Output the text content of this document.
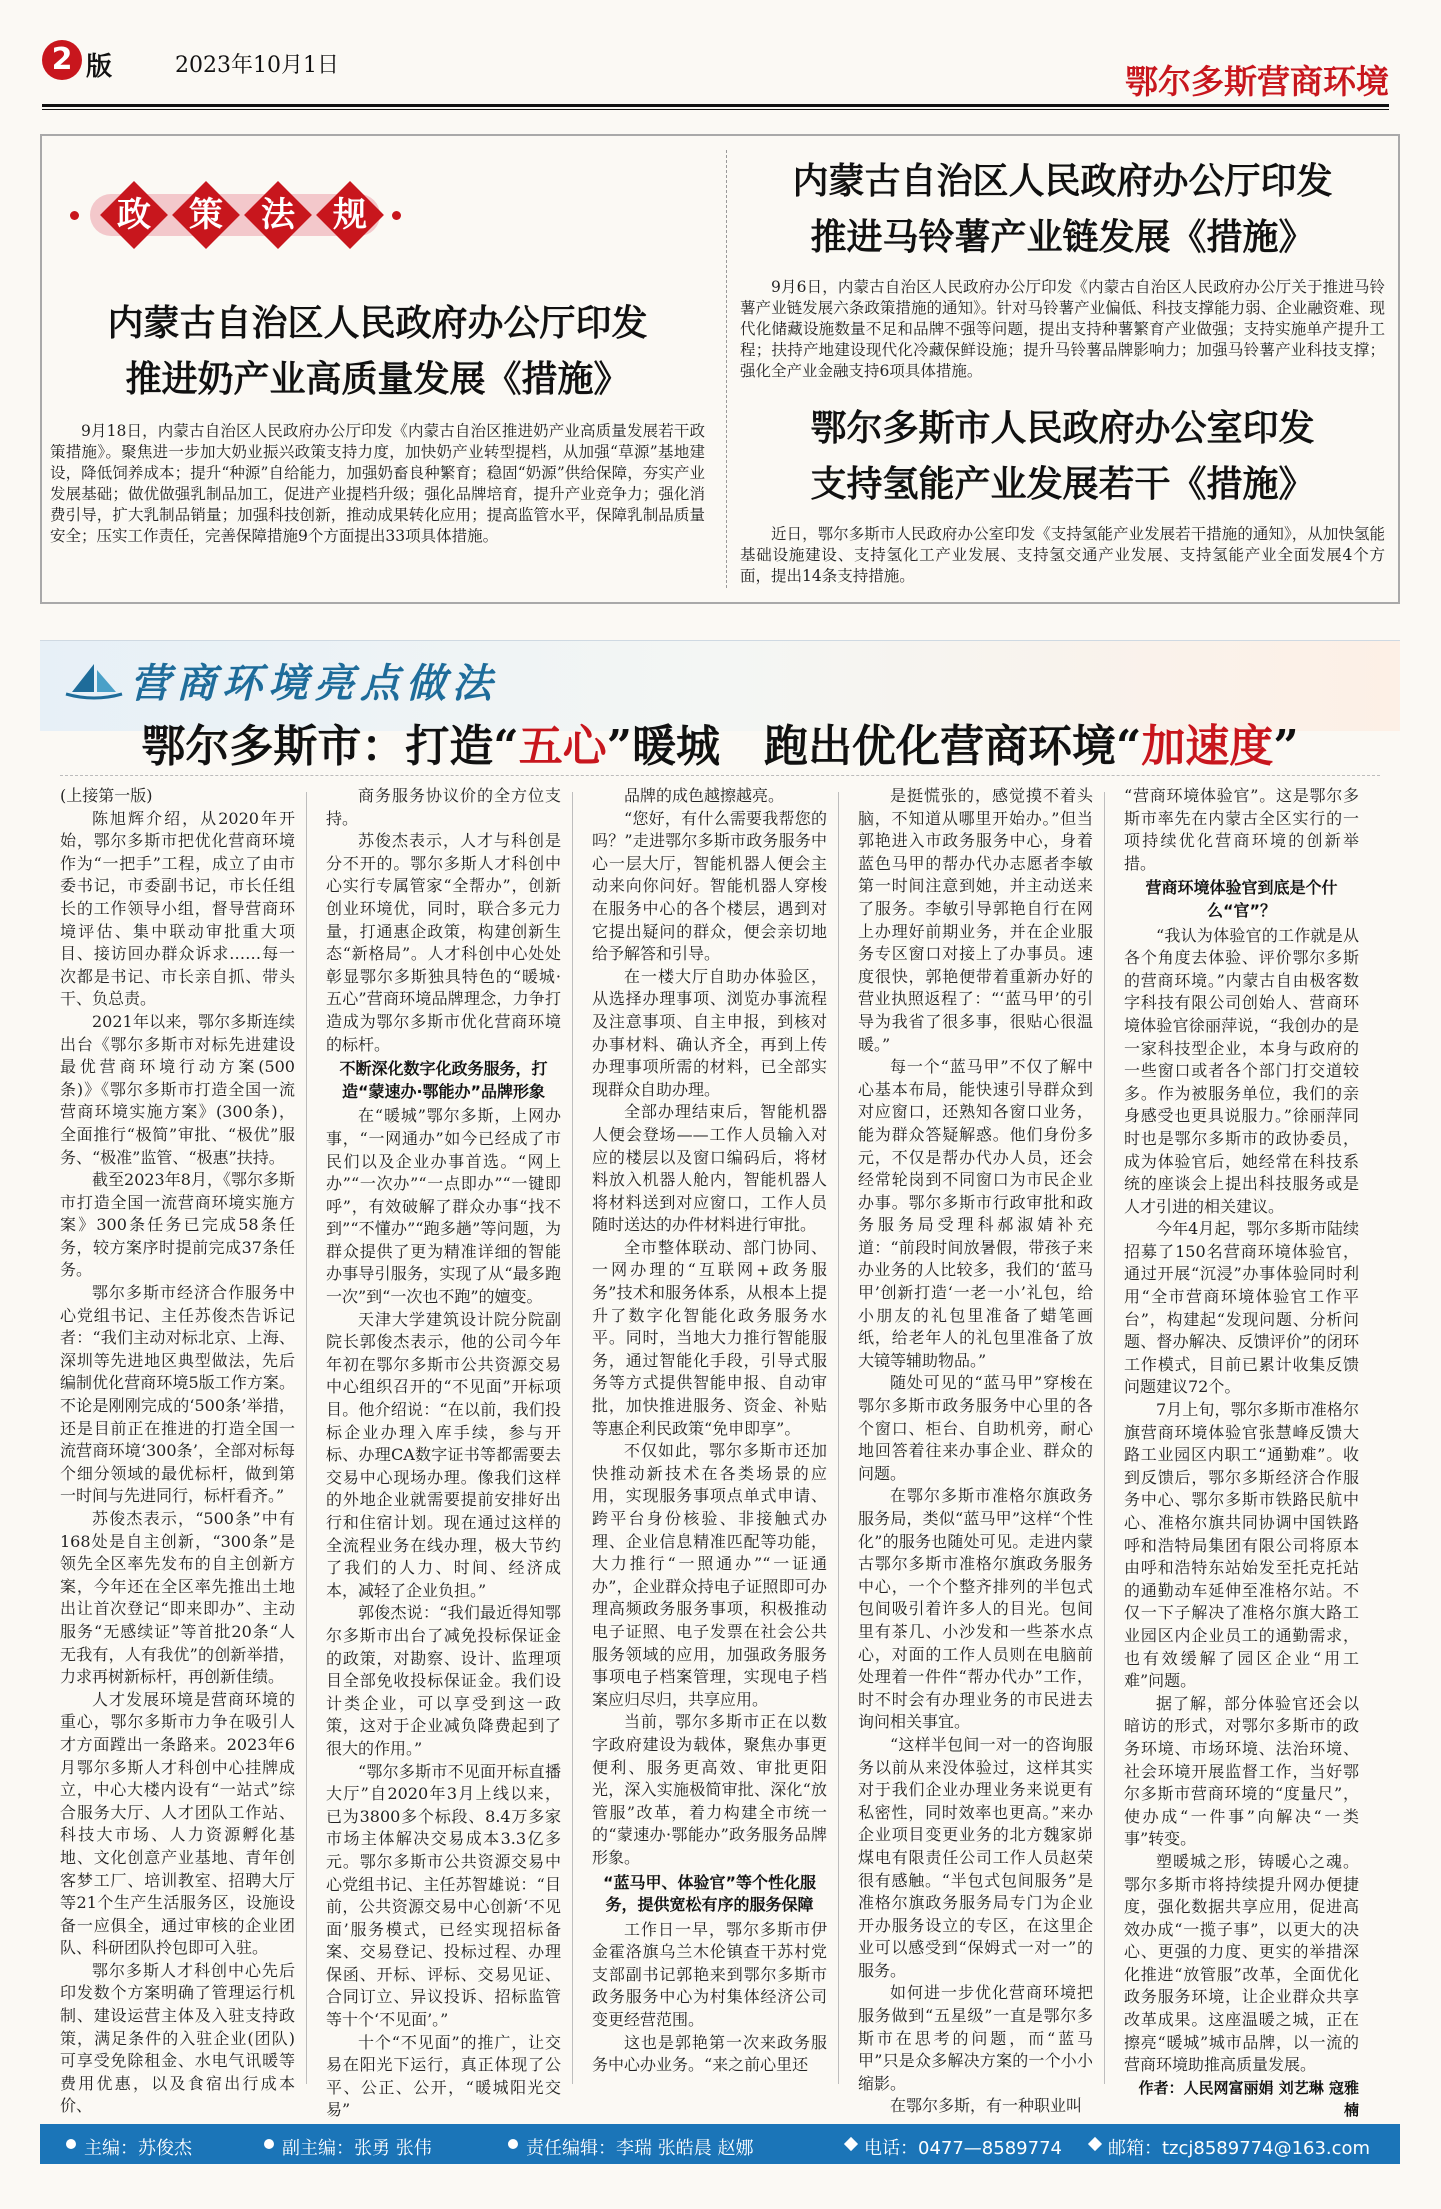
2 版	2023年10月1日	鄂尔多斯营商环境
政	策	法	规
内蒙古自治区人民政府办公厅印发
推进奶产业高质量发展《措施》

9月18日，内蒙古自治区人民政府办公厅印发《内蒙古自治区推进奶产业高质量发展若干政策措施》。聚焦进一步加大奶业振兴政策支持力度，加快奶产业转型提档，从加强“草源”基地建设，降低饲养成本；提升“种源”自给能力，加强奶畜良种繁育；稳固“奶源”供给保障，夯实产业发展基础；做优做强乳制品加工，促进产业提档升级；强化品牌培育，提升产业竞争力；强化消费引导，扩大乳制品销量；加强科技创新，推动成果转化应用；提高监管水平，保障乳制品质量安全；压实工作责任，完善保障措施9个方面提出33项具体措施。

内蒙古自治区人民政府办公厅印发
推进马铃薯产业链发展《措施》

9月6日，内蒙古自治区人民政府办公厅印发《内蒙古自治区人民政府办公厅关于推进马铃薯产业链发展六条政策措施的通知》。针对马铃薯产业偏低、科技支撑能力弱、企业融资难、现代化储藏设施数量不足和品牌不强等问题，提出支持种薯繁育产业做强；支持实施单产提升工程；扶持产地建设现代化冷藏保鲜设施；提升马铃薯品牌影响力；加强马铃薯产业科技支撑；强化全产业金融支持6项具体措施。

鄂尔多斯市人民政府办公室印发
支持氢能产业发展若干《措施》

近日，鄂尔多斯市人民政府办公室印发《支持氢能产业发展若干措施的通知》，从加快氢能基础设施建设、支持氢化工产业发展、支持氢交通产业发展、支持氢能产业全面发展4个方面，提出14条支持措施。

营商环境亮点做法
鄂尔多斯市：打造“五心”暖城　跑出优化营商环境“加速度”

(上接第一版)

陈旭辉介绍，从2020年开始，鄂尔多斯市把优化营商环境作为“一把手”工程，成立了由市委书记，市委副书记，市长任组长的工作领导小组，督导营商环境评估、集中联动审批重大项目、接访回办群众诉求……每一次都是书记、市长亲自抓、带头干、负总责。

2021年以来，鄂尔多斯连续出台《鄂尔多斯市对标先进建设最优营商环境行动方案(500条)》《鄂尔多斯市打造全国一流营商环境实施方案》(300条)，全面推行“极简”审批、“极优”服务、“极准”监管、“极惠”扶持。

截至2023年8月，《鄂尔多斯市打造全国一流营商环境实施方案》300条任务已完成58条任务，较方案序时提前完成37条任务。

鄂尔多斯市经济合作服务中心党组书记、主任苏俊杰告诉记者：“我们主动对标北京、上海、深圳等先进地区典型做法，先后编制优化营商环境5版工作方案。不论是刚刚完成的‘500条’举措，还是目前正在推进的打造全国一流营商环境‘300条’，全部对标每个细分领域的最优标杆，做到第一时间与先进同行，标杆看齐。”

苏俊杰表示，“500条”中有168处是自主创新，“300条”是领先全区率先发布的自主创新方案，今年还在全区率先推出土地出让首次登记“即来即办”、主动服务“无感续证”等首批20条“人无我有，人有我优”的创新举措，力求再树新标杆，再创新佳绩。

人才发展环境是营商环境的重心，鄂尔多斯市力争在吸引人才方面蹚出一条路来。2023年6月鄂尔多斯人才科创中心挂牌成立，中心大楼内设有“一站式”综合服务大厅、人才团队工作站、科技大市场、人力资源孵化基地、文化创意产业基地、青年创客梦工厂、培训教室、招聘大厅等21个生产生活服务区，设施设备一应俱全，通过审核的企业团队、科研团队拎包即可入驻。

鄂尔多斯人才科创中心先后印发数个方案明确了管理运行机制、建设运营主体及入驻支持政策，满足条件的入驻企业(团队)可享受免除租金、水电气讯暖等费用优惠，以及食宿出行成本价、

商务服务协议价的全方位支持。

苏俊杰表示，人才与科创是分不开的。鄂尔多斯人才科创中心实行专属管家“全帮办”，创新创业环境优，同时，联合多元力量，打通惠企政策，构建创新生态“新格局”。人才科创中心处处彰显鄂尔多斯独具特色的“暖城·五心”营商环境品牌理念，力争打造成为鄂尔多斯市优化营商环境的标杆。

不断深化数字化政务服务，打造“蒙速办·鄂能办”品牌形象

在“暖城”鄂尔多斯，上网办事，“一网通办”如今已经成了市民们以及企业办事首选。“网上办”“一次办”“一点即办”“一键即呼”，有效破解了群众办事“找不到”“不懂办”“跑多趟”等问题，为群众提供了更为精准详细的智能办事导引服务，实现了从“最多跑一次”到“一次也不跑”的嬗变。

天津大学建筑设计院分院副院长郭俊杰表示，他的公司今年年初在鄂尔多斯市公共资源交易中心组织召开的“不见面”开标项目。他介绍说：“在以前，我们投标企业办理入库手续，参与开标、办理CA数字证书等都需要去交易中心现场办理。像我们这样的外地企业就需要提前安排好出行和住宿计划。现在通过这样的全流程业务在线办理，极大节约了我们的人力、时间、经济成本，减轻了企业负担。”

郭俊杰说：“我们最近得知鄂尔多斯市出台了减免投标保证金的政策，对勘察、设计、监理项目全部免收投标保证金。我们设计类企业，可以享受到这一政策，这对于企业减负降费起到了很大的作用。”

“鄂尔多斯市不见面开标直播大厅”自2020年3月上线以来，已为3800多个标段、8.4万多家市场主体解决交易成本3.3亿多元。鄂尔多斯市公共资源交易中心党组书记、主任苏智雄说：“目前，公共资源交易中心创新‘不见面’服务模式，已经实现招标备案、交易登记、投标过程、办理保函、开标、评标、交易见证、合同订立、异议投诉、招标监管等十个‘不见面’。”

十个“不见面”的推广，让交易在阳光下运行，真正体现了公平、公正、公开，“暖城阳光交易”

品牌的成色越擦越亮。

“您好，有什么需要我帮您的吗？”走进鄂尔多斯市政务服务中心一层大厅，智能机器人便会主动来向你问好。智能机器人穿梭在服务中心的各个楼层，遇到对它提出疑问的群众，便会亲切地给予解答和引导。

在一楼大厅自助办体验区，从选择办理事项、浏览办事流程及注意事项、自主申报，到核对办事材料、确认齐全，再到上传办理事项所需的材料，已全部实现群众自助办理。

全部办理结束后，智能机器人便会登场——工作人员输入对应的楼层以及窗口编码后，将材料放入机器人舱内，智能机器人将材料送到对应窗口，工作人员随时送达的办件材料进行审批。

全市整体联动、部门协同、一网办理的“互联网+政务服务”技术和服务体系，从根本上提升了数字化智能化政务服务水平。同时，当地大力推行智能服务，通过智能化手段，引导式服务等方式提供智能申报、自动审批，加快推进服务、资金、补贴等惠企利民政策“免申即享”。

不仅如此，鄂尔多斯市还加快推动新技术在各类场景的应用，实现服务事项点单式申请、跨平台身份核验、非接触式办理、企业信息精准匹配等功能，大力推行“一照通办”“一证通办”，企业群众持电子证照即可办理高频政务服务事项，积极推动电子证照、电子发票在社会公共服务领域的应用，加强政务服务事项电子档案管理，实现电子档案应归尽归，共享应用。

当前，鄂尔多斯市正在以数字政府建设为载体，聚焦办事更便利、服务更高效、审批更阳光，深入实施极简审批、深化“放管服”改革，着力构建全市统一的“蒙速办·鄂能办”政务服务品牌形象。

“蓝马甲、体验官”等个性化服务，提供宽松有序的服务保障

工作日一早，鄂尔多斯市伊金霍洛旗乌兰木伦镇查干苏村党支部副书记郭艳来到鄂尔多斯市政务服务中心为村集体经济公司变更经营范围。

这也是郭艳第一次来政务服务中心办业务。“来之前心里还

是挺慌张的，感觉摸不着头脑，不知道从哪里开始办。”但当郭艳进入市政务服务中心，身着蓝色马甲的帮办代办志愿者李敏第一时间注意到她，并主动送来了服务。李敏引导郭艳自行在网上办理好前期业务，并在企业服务专区窗口对接上了办事员。速度很快，郭艳便带着重新办好的营业执照返程了：“‘蓝马甲’的引导为我省了很多事，很贴心很温暖。”

每一个“蓝马甲”不仅了解中心基本布局，能快速引导群众到对应窗口，还熟知各窗口业务，能为群众答疑解惑。他们身份多元，不仅是帮办代办人员，还会经常轮岗到不同窗口为市民企业办事。鄂尔多斯市行政审批和政务服务局受理科郝淑婧补充道：“前段时间放暑假，带孩子来办业务的人比较多，我们的‘蓝马甲’创新打造‘一老一小’礼包，给小朋友的礼包里准备了蜡笔画纸，给老年人的礼包里准备了放大镜等辅助物品。”

随处可见的“蓝马甲”穿梭在鄂尔多斯市政务服务中心里的各个窗口、柜台、自助机旁，耐心地回答着往来办事企业、群众的问题。

在鄂尔多斯市准格尔旗政务服务局，类似“蓝马甲”这样“个性化”的服务也随处可见。走进内蒙古鄂尔多斯市准格尔旗政务服务中心，一个个整齐排列的半包式包间吸引着许多人的目光。包间里有茶几、小沙发和一些茶水点心，对面的工作人员则在电脑前处理着一件件“帮办代办”工作，时不时会有办理业务的市民进去询问相关事宜。

“这样半包间一对一的咨询服务以前从来没体验过，这样其实对于我们企业办理业务来说更有私密性，同时效率也更高。”来办企业项目变更业务的北方魏家峁煤电有限责任公司工作人员赵荣很有感触。“半包式包间服务”是准格尔旗政务服务局专门为企业开办服务设立的专区，在这里企业可以感受到“保姆式一对一”的服务。

如何进一步优化营商环境把服务做到“五星级”一直是鄂尔多斯市在思考的问题，而“蓝马甲”只是众多解决方案的一个小小缩影。

在鄂尔多斯，有一种职业叫

“营商环境体验官”。这是鄂尔多斯市率先在内蒙古全区实行的一项持续优化营商环境的创新举措。

营商环境体验官到底是个什么“官”？

“我认为体验官的工作就是从各个角度去体验、评价鄂尔多斯的营商环境。”内蒙古自由极客数字科技有限公司创始人、营商环境体验官徐丽萍说，“我创办的是一家科技型企业，本身与政府的一些窗口或者各个部门打交道较多。作为被服务单位，我们的亲身感受也更具说服力。”徐丽萍同时也是鄂尔多斯市的政协委员，成为体验官后，她经常在科技系统的座谈会上提出科技服务或是人才引进的相关建议。

今年4月起，鄂尔多斯市陆续招募了150名营商环境体验官，通过开展“沉浸”办事体验同时利用“全市营商环境体验官工作平台”，构建起“发现问题、分析问题、督办解决、反馈评价”的闭环工作模式，目前已累计收集反馈问题建议72个。

7月上旬，鄂尔多斯市准格尔旗营商环境体验官张慧峰反馈大路工业园区内职工“通勤难”。收到反馈后，鄂尔多斯经济合作服务中心、鄂尔多斯市铁路民航中心、准格尔旗共同协调中国铁路呼和浩特局集团有限公司将原本由呼和浩特东站始发至托克托站的通勤动车延伸至准格尔站。不仅一下子解决了准格尔旗大路工业园区内企业员工的通勤需求，也有效缓解了园区企业“用工难”问题。

据了解，部分体验官还会以暗访的形式，对鄂尔多斯市的政务环境、市场环境、法治环境、社会环境开展监督工作，当好鄂尔多斯市营商环境的“度量尺”，使办成“一件事”向解决“一类事”转变。

塑暖城之形，铸暖心之魂。鄂尔多斯市将持续提升网办便捷度，强化数据共享应用，促进高效办成“一揽子事”，以更大的决心、更强的力度、更实的举措深化推进“放管服”改革，全面优化政务服务环境，让企业群众共享改革成果。这座温暖之城，正在擦亮“暖城”城市品牌，以一流的营商环境助推高质量发展。

作者：人民网富丽娟 刘艺琳 寇雅楠

主编：苏俊杰	副主编：张勇 张伟	责任编辑：李瑞 张皓晨 赵娜	电话：0477—8589774	邮箱：tzcj8589774@163.com
